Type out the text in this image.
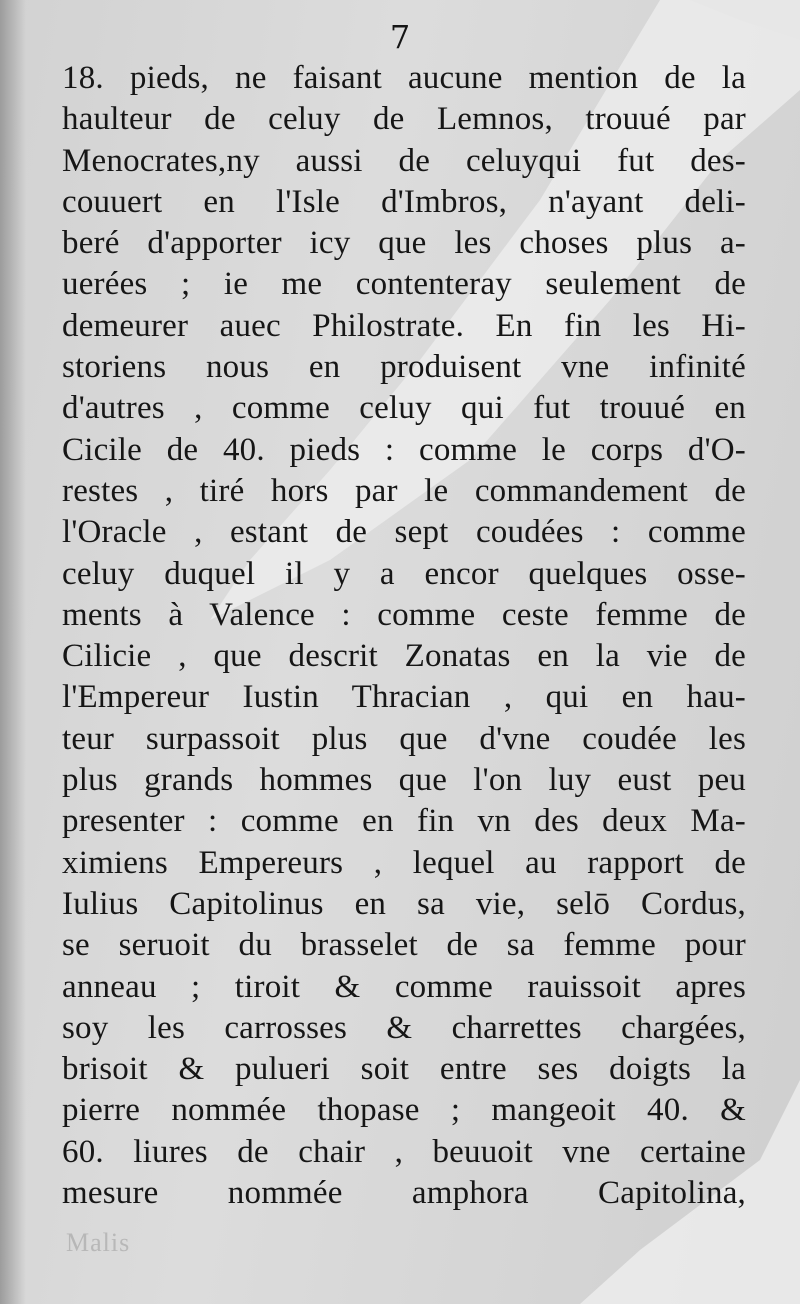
7
18. pieds, ne faisant aucune mention de la
haulteur de celuy de Lemnos, trouué par
Menocrates,ny aussi de celuyqui fut des-
couuert en l'Isle d'Imbros, n'ayant deli-
beré d'apporter icy que les choses plus a-
uerées ; ie me contenteray seulement de
demeurer auec Philostrate. En fin les Hi-
storiens nous en produisent vne infinité
d'autres , comme celuy qui fut trouué en
Cicile de 40. pieds : comme le corps d'O-
restes , tiré hors par le commandement de
l'Oracle , estant de sept coudées : comme
celuy duquel il y a encor quelques osse-
ments à Valence : comme ceste femme de
Cilicie , que descrit Zonatas en la vie de
l'Empereur Iustin Thracian , qui en hau-
teur surpassoit plus que d'vne coudée les
plus grands hommes que l'on luy eust peu
presenter : comme en fin vn des deux Ma-
ximiens Empereurs , lequel au rapport de
Iulius Capitolinus en sa vie, selō Cordus,
se seruoit du brasselet de sa femme pour
anneau ; tiroit & comme rauissoit apres
soy les carrosses & charrettes chargées,
brisoit & pulueri soit entre ses doigts la
pierre nommée thopase ; mangeoit 40. &
60. liures de chair , beuuoit vne certaine
mesure nommée amphora Capitolina,
Malis
